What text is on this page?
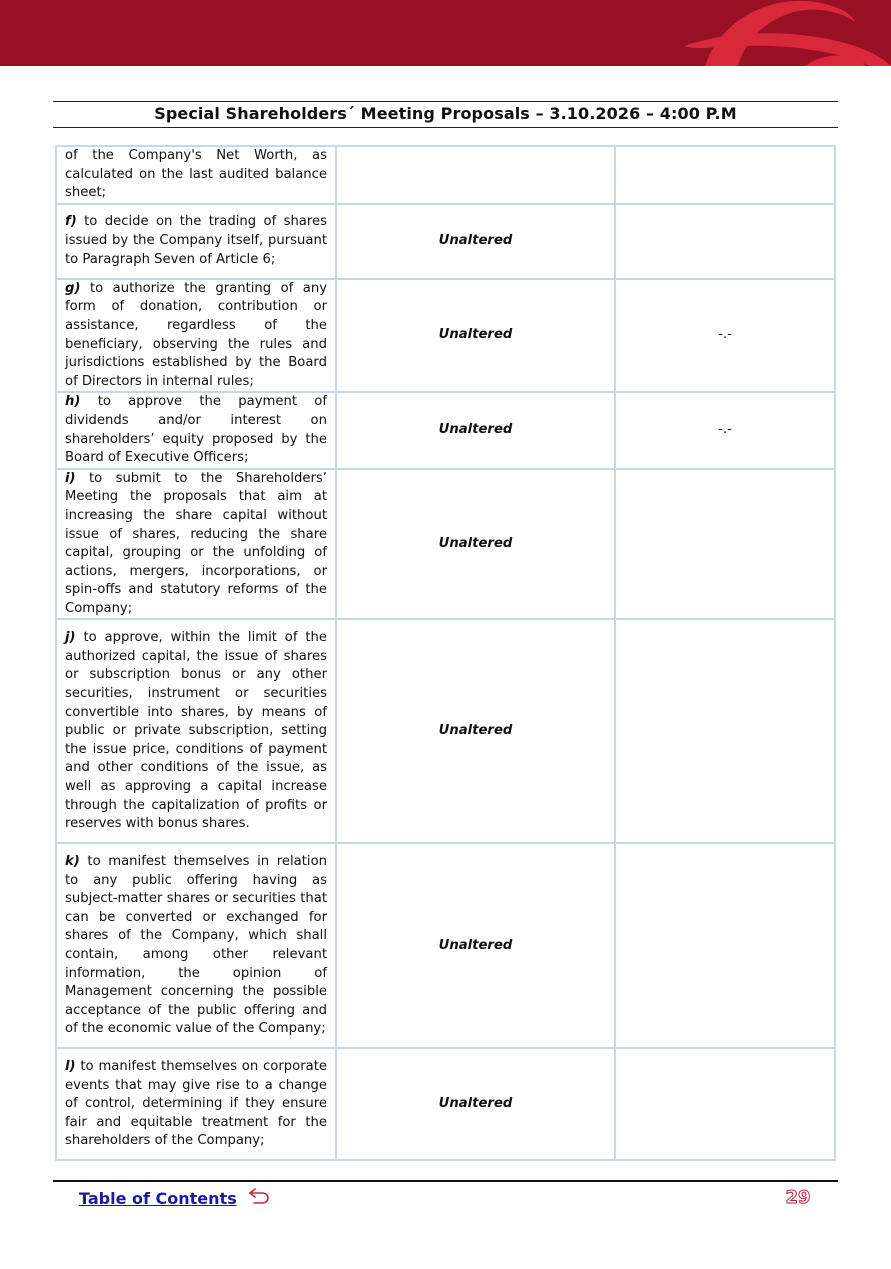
Special Shareholders´ Meeting Proposals – 3.10.2026 – 4:00 P.M
of the Company's Net Worth, as calculated on the last audited balance sheet;		
f) to decide on the trading of shares issued by the Company itself, pursuant to Paragraph Seven of Article 6;	Unaltered	
g) to authorize the granting of any form of donation, contribution or assistance, regardless of the beneficiary, observing the rules and jurisdictions established by the Board of Directors in internal rules;	Unaltered	-.-
h) to approve the payment of dividends and/or interest on shareholders’ equity proposed by the Board of Executive Officers;	Unaltered	-.-
i) to submit to the Shareholders’ Meeting the proposals that aim at increasing the share capital without issue of shares, reducing the share capital, grouping or the unfolding of actions, mergers, incorporations, or spin-offs and statutory reforms of the Company;	Unaltered	
j) to approve, within the limit of the authorized capital, the issue of shares or subscription bonus or any other securities, instrument or securities convertible into shares, by means of public or private subscription, setting the issue price, conditions of payment and other conditions of the issue, as well as approving a capital increase through the capitalization of profits or reserves with bonus shares.	Unaltered	
k) to manifest themselves in relation to any public offering having as subject-matter shares or securities that can be converted or exchanged for shares of the Company, which shall contain, among other relevant information, the opinion of Management concerning the possible acceptance of the public offering and of the economic value of the Company;	Unaltered	
l) to manifest themselves on corporate events that may give rise to a change of control, determining if they ensure fair and equitable treatment for the shareholders of the Company;	Unaltered	
Table of Contents	29
